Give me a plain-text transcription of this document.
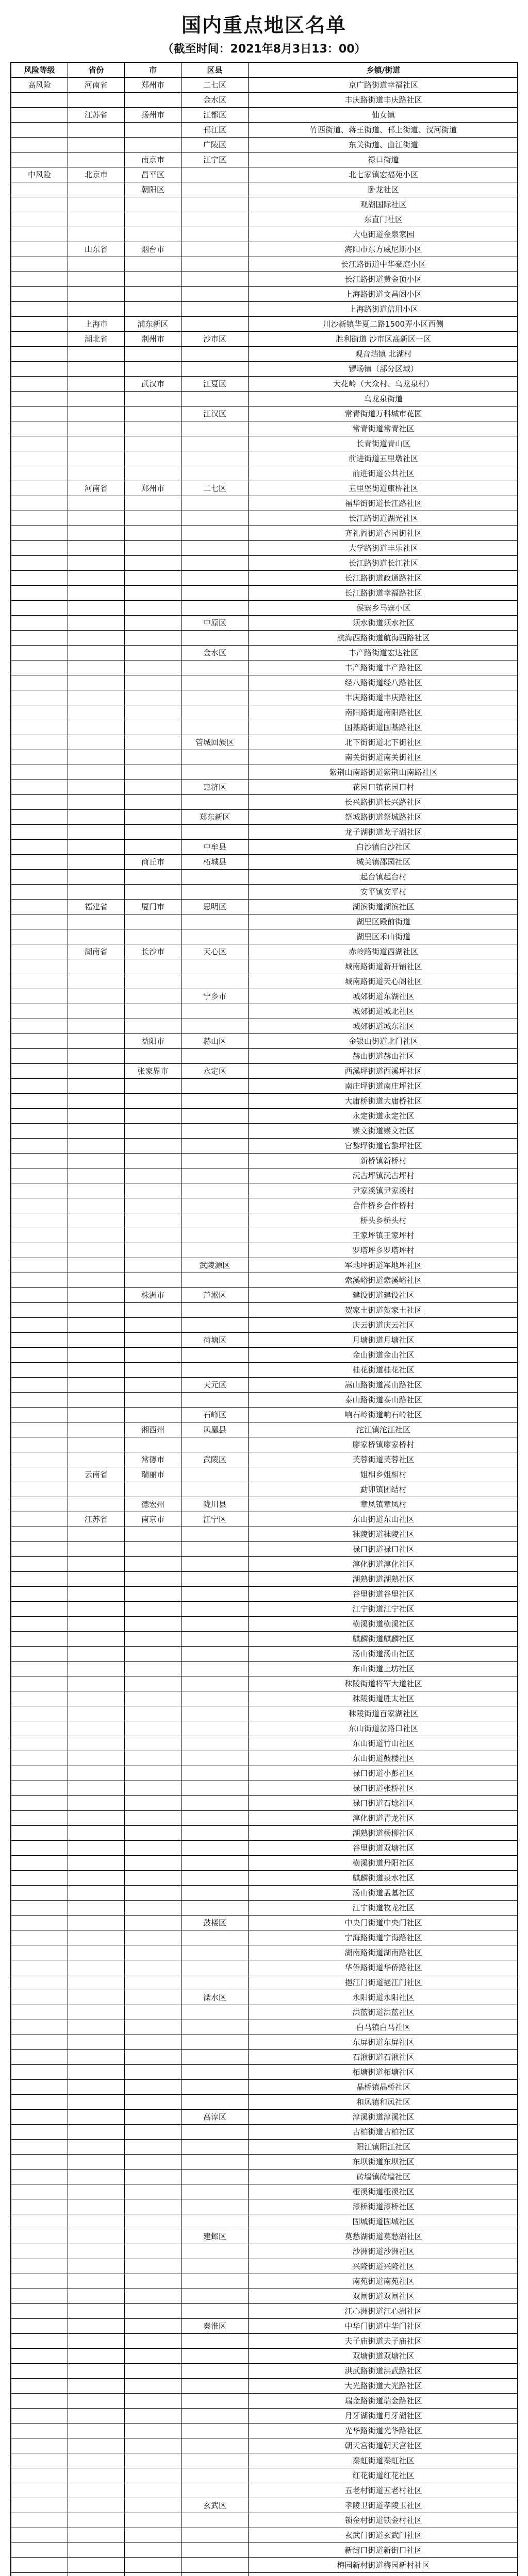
国内重点地区名单
（截至时间：2021年8月3日13：00）
风险等级	省份	市	区县	乡镇/街道
高风险	河南省	郑州市	二七区	京广路街道幸福社区
			金水区	丰庆路街道丰庆路社区
	江苏省	扬州市	江都区	仙女镇
			邗江区	竹西街道、蒋王街道、邗上街道、汊河街道
			广陵区	东关街道、曲江街道
		南京市	江宁区	禄口街道
中风险	北京市	昌平区		北七家镇宏福苑小区
		朝阳区		卧龙社区
				观湖国际社区
				东直门社区
				大屯街道金泉家园
	山东省	烟台市		海阳市东方威尼斯小区
				长江路街道中华豪庭小区
				长江路街道黄金顶小区
				上海路街道文昌阁小区
				上海路街道信用小区
	上海市	浦东新区		川沙新镇华夏二路1500弄小区西侧
	湖北省	荆州市	沙市区	胜利街道 沙市区高新区一区
				观音垱镇 北湖村
				锣场镇（部分区域）
		武汉市	江夏区	大花岭（大众村、乌龙泉村）
				乌龙泉街道
			江汉区	常青街道万科城市花园
				常青街道常青社区
				长青街道青山区
				前进街道五里墩社区
				前进街道公共社区
	河南省	郑州市	二七区	五里堡街道康桥社区
				福华街街道长江路社区
				长江路街道湖光社区
				齐礼阎街道杏园街社区
				大学路街道丰乐社区
				长江路街道长江社区
				长江路街道政通路社区
				长江路街道幸福路社区
				侯寨乡马寨小区
			中原区	须水街道须水社区
				航海西路街道航海西路社区
			金水区	丰产路街道宏达社区
				丰产路街道丰产路社区
				经八路街道经八路社区
				丰庆路街道丰庆路社区
				南阳路街道南阳路社区
				国基路街道国基路社区
			管城回族区	北下街街道北下街社区
				南关街街道南关街社区
				紫荆山南路街道紫荆山南路社区
			惠济区	花园口镇花园口村
				长兴路街道长兴路社区
			郑东新区	祭城路街道祭城路社区
				龙子湖街道龙子湖社区
			中牟县	白沙镇白沙社区
		商丘市	柘城县	城关镇邵园社区
				起台镇起台村
				安平镇安平村
	福建省	厦门市	思明区	湖滨街道湖滨社区
				湖里区殿前街道
				湖里区禾山街道
	湖南省	长沙市	天心区	赤岭路街道西湖社区
				城南路街道新开铺社区
				城南路街道天心阁社区
			宁乡市	城郊街道东湖社区
				城郊街道城北社区
				城郊街道城东社区
		益阳市	赫山区	金银山街道北门社区
				赫山街道赫山社区
		张家界市	永定区	西溪坪街道西溪坪社区
				南庄坪街道南庄坪社区
				大庸桥街道大庸桥社区
				永定街道永定社区
				崇文街道崇文社区
				官黎坪街道官黎坪社区
				新桥镇新桥村
				沅古坪镇沅古坪村
				尹家溪镇尹家溪村
				合作桥乡合作桥村
				桥头乡桥头村
				王家坪镇王家坪村
				罗塔坪乡罗塔坪村
			武陵源区	军地坪街道军地坪社区
				索溪峪街道索溪峪社区
		株洲市	芦淞区	建设街道建设社区
				贺家土街道贺家土社区
				庆云街道庆云社区
			荷塘区	月塘街道月塘社区
				金山街道金山社区
				桂花街道桂花社区
			天元区	嵩山路街道嵩山路社区
				泰山路街道泰山路社区
			石峰区	响石岭街道响石岭社区
		湘西州	凤凰县	沱江镇沱江社区
				廖家桥镇廖家桥村
		常德市	武陵区	芙蓉街道芙蓉社区
	云南省	瑞丽市		姐相乡姐相村
				勐卯镇团结村
		德宏州	陇川县	章凤镇章凤村
	江苏省	南京市	江宁区	东山街道东山社区
				秣陵街道秣陵社区
				禄口街道禄口社区
				淳化街道淳化社区
				湖熟街道湖熟社区
				谷里街道谷里社区
				江宁街道江宁社区
				横溪街道横溪社区
				麒麟街道麒麟社区
				汤山街道汤山社区
				东山街道上坊社区
				秣陵街道将军大道社区
				秣陵街道胜太社区
				秣陵街道百家湖社区
				东山街道岔路口社区
				东山街道竹山社区
				东山街道鼓楼社区
				禄口街道小彭社区
				禄口街道张桥社区
				禄口街道石埝社区
				淳化街道青龙社区
				湖熟街道杨柳社区
				谷里街道双塘社区
				横溪街道丹阳社区
				麒麟街道泉水社区
				汤山街道孟墓社区
				江宁街道牧龙社区
			鼓楼区	中央门街道中央门社区
				宁海路街道宁海路社区
				湖南路街道湖南路社区
				华侨路街道华侨路社区
				挹江门街道挹江门社区
			溧水区	永阳街道永阳社区
				洪蓝街道洪蓝社区
				白马镇白马社区
				东屏街道东屏社区
				石湫街道石湫社区
				柘塘街道柘塘社区
				晶桥镇晶桥社区
				和凤镇和凤社区
			高淳区	淳溪街道淳溪社区
				古柏街道古柏社区
				阳江镇阳江社区
				东坝街道东坝社区
				砖墙镇砖墙社区
				桠溪街道桠溪社区
				漆桥街道漆桥社区
				固城街道固城社区
			建邺区	莫愁湖街道莫愁湖社区
				沙洲街道沙洲社区
				兴隆街道兴隆社区
				南苑街道南苑社区
				双闸街道双闸社区
				江心洲街道江心洲社区
			秦淮区	中华门街道中华门社区
				夫子庙街道夫子庙社区
				双塘街道双塘社区
				洪武路街道洪武路社区
				大光路街道大光路社区
				瑞金路街道瑞金路社区
				月牙湖街道月牙湖社区
				光华路街道光华路社区
				朝天宫街道朝天宫社区
				秦虹街道秦虹社区
				红花街道红花社区
				五老村街道五老村社区
			玄武区	孝陵卫街道孝陵卫社区
				锁金村街道锁金村社区
				玄武门街道玄武门社区
				新街口街道新街口社区
				梅园新村街道梅园新村社区
